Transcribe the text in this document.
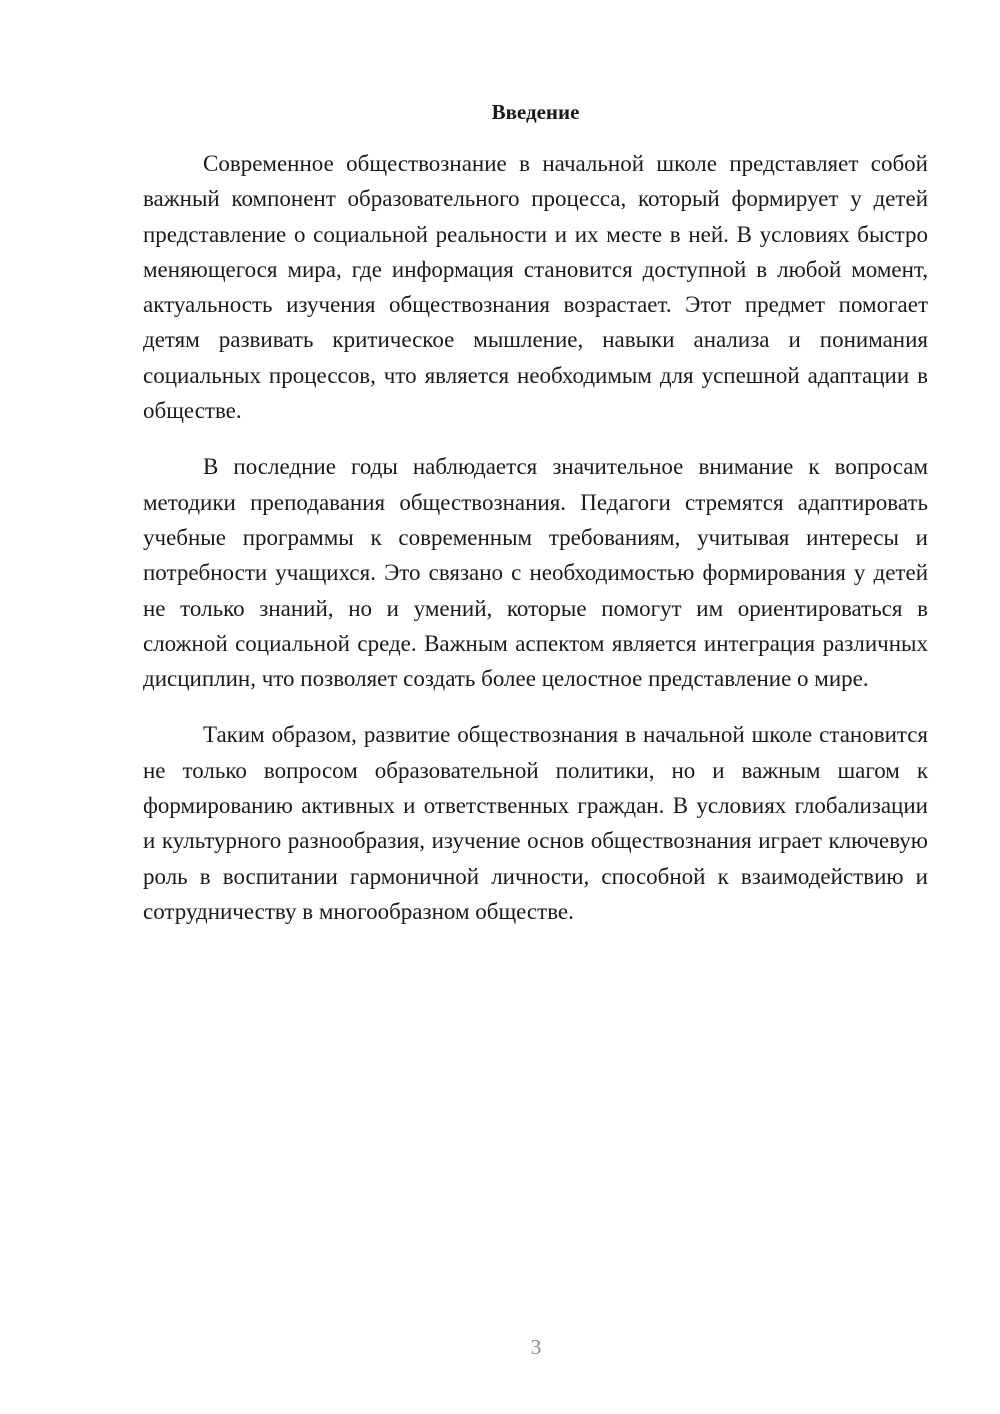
Введение

Современное обществознание в начальной школе представляет собой важный компонент образовательного процесса, который формирует у детей представление о социальной реальности и их месте в ней. В условиях быстро меняющегося мира, где информация становится доступной в любой момент, актуальность изучения обществознания возрастает. Этот предмет помогает детям развивать критическое мышление, навыки анализа и понимания социальных процессов, что является необходимым для успешной адаптации в обществе.

В последние годы наблюдается значительное внимание к вопросам методики преподавания обществознания. Педагоги стремятся адаптировать учебные программы к современным требованиям, учитывая интересы и потребности учащихся. Это связано с необходимостью формирования у детей не только знаний, но и умений, которые помогут им ориентироваться в сложной социальной среде. Важным аспектом является интеграция различных дисциплин, что позволяет создать более целостное представление о мире.

Таким образом, развитие обществознания в начальной школе становится не только вопросом образовательной политики, но и важным шагом к формированию активных и ответственных граждан. В условиях глобализации и культурного разнообразия, изучение основ обществознания играет ключевую роль в воспитании гармоничной личности, способной к взаимодействию и сотрудничеству в многообразном обществе.

3
